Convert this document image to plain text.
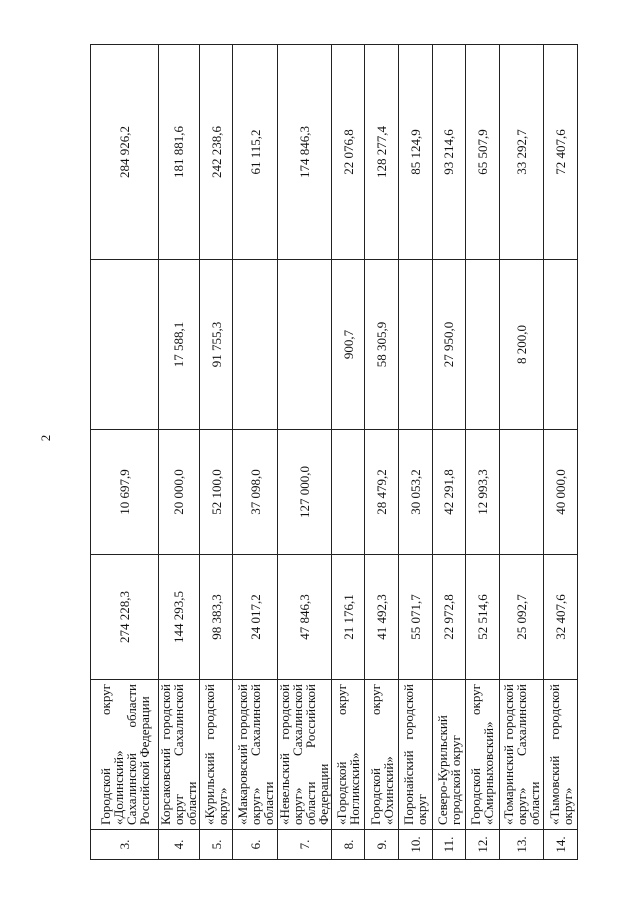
2
3.	Городской округ «Долинский» Сахалинской области Российской Федерации	274 228,3	10 697,9		284 926,2
4.	Корсаковский городской округ Сахалинской области	144 293,5	20 000,0	17 588,1	181 881,6
5.	«Курильский городской округ»	98 383,3	52 100,0	91 755,3	242 238,6
6.	«Макаровский городской округ» Сахалинской области	24 017,2	37 098,0		61 115,2
7.	«Невельский городской округ» Сахалинской области Российской Федерации	47 846,3	127 000,0		174 846,3
8.	«Городской округ Ногликский»	21 176,1		900,7	22 076,8
9.	Городской округ «Охинский»	41 492,3	28 479,2	58 305,9	128 277,4
10.	Поронайский городской округ	55 071,7	30 053,2		85 124,9
11.	Северо-Курильский городской округ	22 972,8	42 291,8	27 950,0	93 214,6
12.	Городской округ «Смирныховский»	52 514,6	12 993,3		65 507,9
13.	«Томаринский городской округ» Сахалинской области	25 092,7		8 200,0	33 292,7
14.	«Тымовский городской округ»	32 407,6	40 000,0		72 407,6
